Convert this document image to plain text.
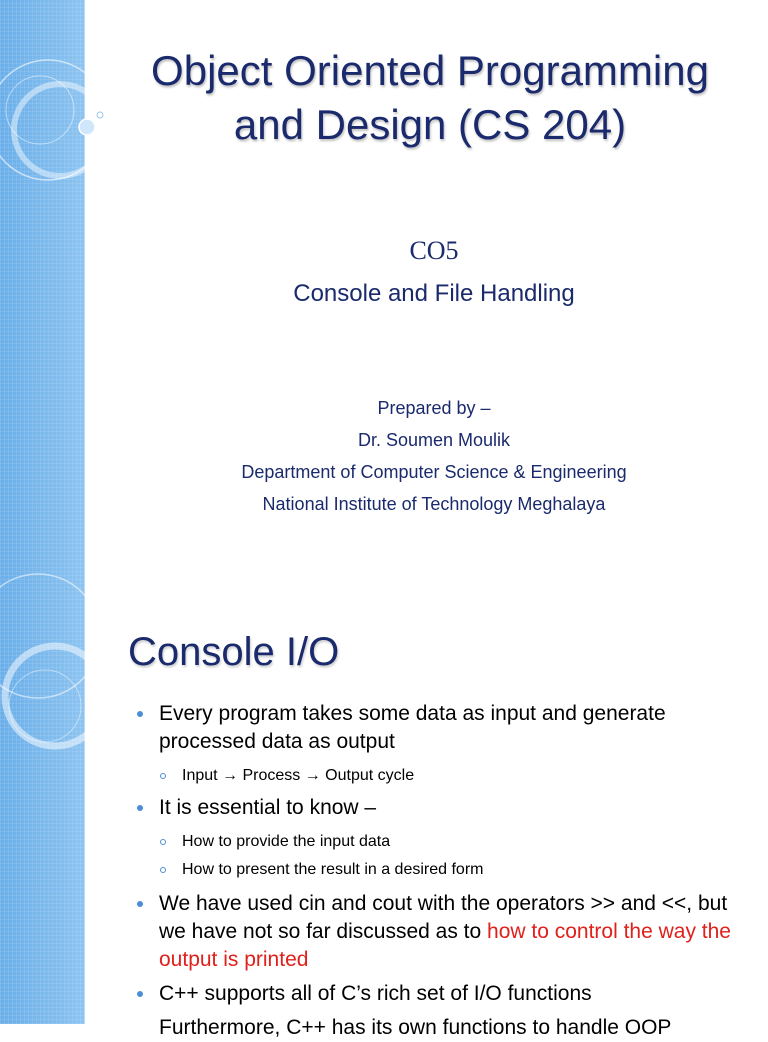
Object Oriented Programming and Design (CS 204)
CO5
Console and File Handling
Prepared by –
Dr. Soumen Moulik
Department of Computer Science & Engineering
National Institute of Technology Meghalaya
Console I/O
Every program takes some data as input and generate processed data as output
Input → Process → Output cycle
It is essential to know –
How to provide the input data
How to present the result in a desired form
We have used cin and cout with the operators >> and <<, but we have not so far discussed as to how to control the way the output is printed
C++ supports all of C’s rich set of I/O functions
Furthermore, C++ has its own functions to handle OOP
